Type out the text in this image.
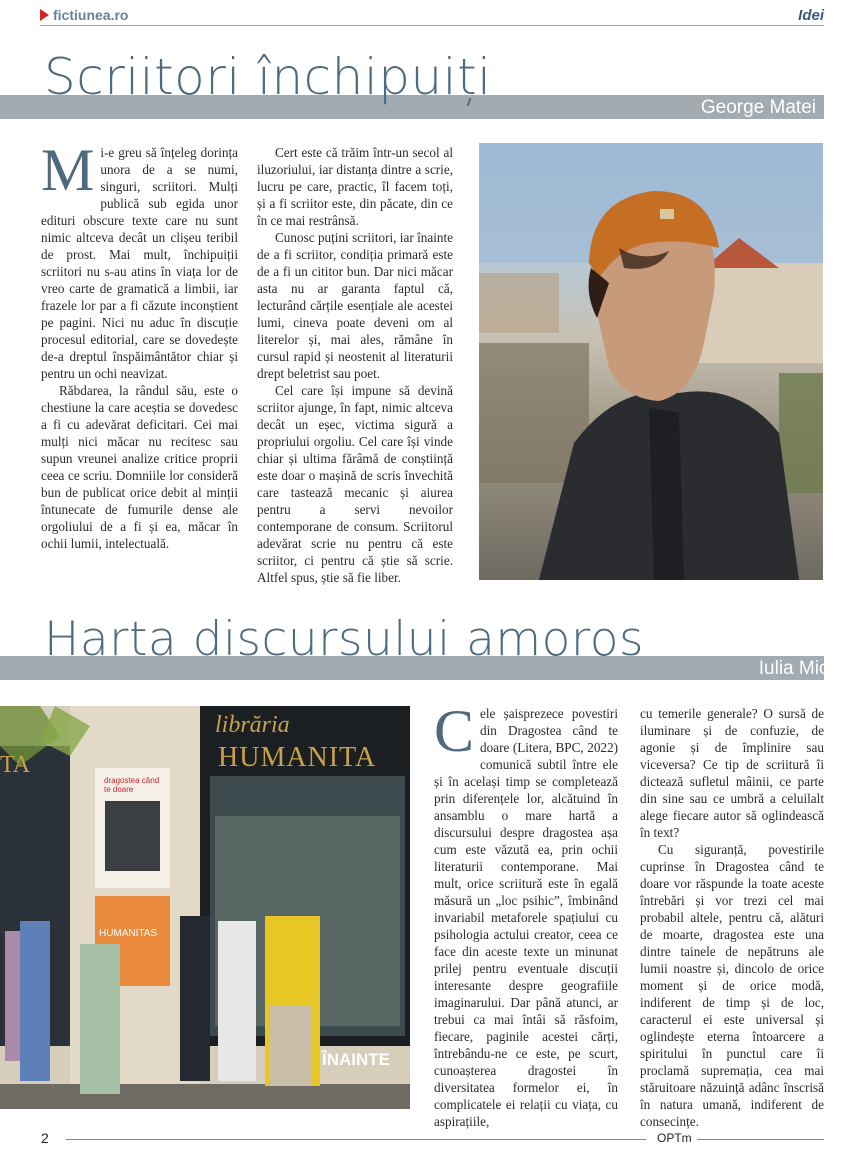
fictiunea.ro	Idei
Scriitori închipuiți
George Matei

Mi-e greu să înțeleg dorința unora de a se numi, singuri, scriitori. Mulți publică sub egida unor edituri obscure texte care nu sunt nimic altceva decât un clișeu teribil de prost. Mai mult, închipuiții scriitori nu s-au atins în viața lor de vreo carte de gramatică a limbii, iar frazele lor par a fi căzute inconștient pe pagini. Nici nu aduc în discuție procesul editorial, care se dovedește de-a dreptul înspăimântător chiar și pentru un ochi neavizat.

Răbdarea, la rândul său, este o chestiune la care aceștia se dovedesc a fi cu adevărat deficitari. Cei mai mulți nici măcar nu recitesc sau supun vreunei analize critice proprii ceea ce scriu. Domniile lor consideră bun de publicat orice debit al minții întunecate de fumurile dense ale orgoliului de a fi și ea, măcar în ochii lumii, intelectuală.

Cert este că trăim într-un secol al iluzoriului, iar distanța dintre a scrie, lucru pe care, practic, îl facem toți, și a fi scriitor este, din păcate, din ce în ce mai restrânsă.

Cunosc puțini scriitori, iar înainte de a fi scriitor, condiția primară este de a fi un cititor bun. Dar nici măcar asta nu ar garanta faptul că, lecturând cărțile esențiale ale acestei lumi, cineva poate deveni om al literelor și, mai ales, rămâne în cursul rapid și neostenit al literaturii drept beletrist sau poet.

Cel care își impune să devină scriitor ajunge, în fapt, nimic altceva decât un eșec, victima sigură a propriului orgoliu. Cel care își vinde chiar și ultima fărâmă de conștiință este doar o mașină de scris învechită care tastează mecanic și aiurea pentru a servi nevoilor contemporane de consum. Scriitorul adevărat scrie nu pentru că este scriitor, ci pentru că știe să scrie. Altfel spus, știe să fie liber.

Harta discursului amoros
Iulia Micu
librăria
HUMANITA
TA
dragostea când te doare
HUMANITAS
ÎNAINTE

Cele șaisprezece povestiri din Dragostea când te doare (Litera, BPC, 2022) comunică subtil între ele și în același timp se completează prin diferențele lor, alcătuind în ansamblu o mare hartă a discursului despre dragostea așa cum este văzută ea, prin ochii literaturii contemporane. Mai mult, orice scriitură este în egală măsură un „loc psihic”, îmbinând invariabil metaforele spațiului cu psihologia actului creator, ceea ce face din aceste texte un minunat prilej pentru eventuale discuții interesante despre geografiile imaginarului. Dar până atunci, ar trebui ca mai întâi să răsfoim, fiecare, paginile acestei cărți, întrebându-ne ce este, pe scurt, cunoașterea dragostei în diversitatea formelor ei, în complicatele ei relații cu viața, cu aspirațiile,

cu temerile generale? O sursă de iluminare și de confuzie, de agonie și de împlinire sau viceversa? Ce tip de scriitură îi dictează sufletul mâinii, ce parte din sine sau ce umbră a celuilalt alege fiecare autor să oglindească în text?

Cu siguranță, povestirile cuprinse în Dragostea când te doare vor răspunde la toate aceste întrebări și vor trezi cel mai probabil altele, pentru că, alături de moarte, dragostea este una dintre tainele de nepătruns ale lumii noastre și, dincolo de orice moment și de orice modă, indiferent de timp și de loc, caracterul ei este universal și oglindește eterna întoarcere a spiritului în punctul care îi proclamă supremația, cea mai stăruitoare năzuință adânc înscrisă în natura umană, indiferent de consecințe.

2	OPTm
